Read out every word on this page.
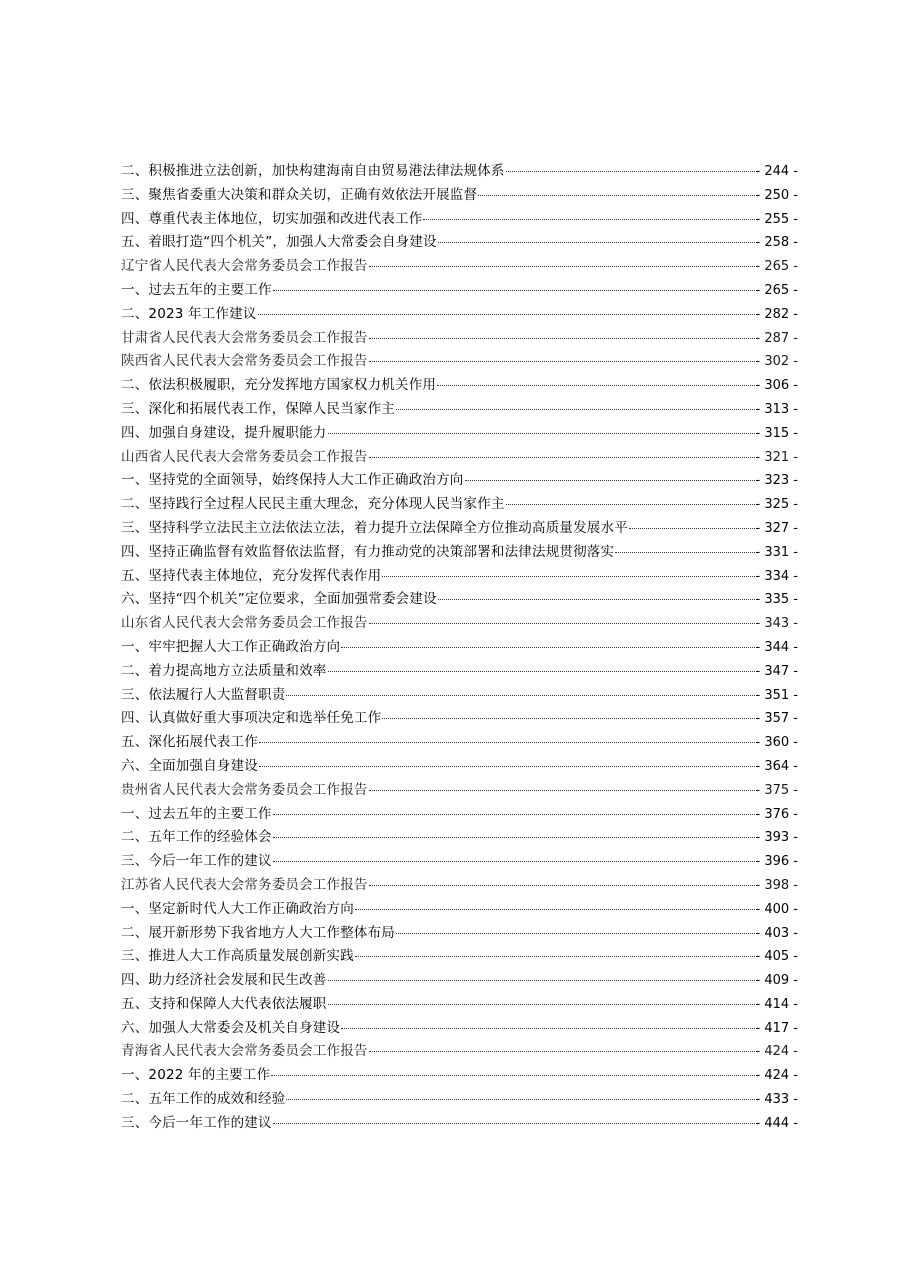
二、积极推进立法创新，加快构建海南自由贸易港法律法规体系	- 244 -
三、聚焦省委重大决策和群众关切，正确有效依法开展监督	- 250 -
四、尊重代表主体地位，切实加强和改进代表工作	- 255 -
五、着眼打造“四个机关”，加强人大常委会自身建设	- 258 -
辽宁省人民代表大会常务委员会工作报告	- 265 -
一、过去五年的主要工作	- 265 -
二、2023 年工作建议	- 282 -
甘肃省人民代表大会常务委员会工作报告	- 287 -
陕西省人民代表大会常务委员会工作报告	- 302 -
二、依法积极履职，充分发挥地方国家权力机关作用	- 306 -
三、深化和拓展代表工作，保障人民当家作主	- 313 -
四、加强自身建设，提升履职能力	- 315 -
山西省人民代表大会常务委员会工作报告	- 321 -
一、坚持党的全面领导，始终保持人大工作正确政治方向	- 323 -
二、坚持践行全过程人民民主重大理念，充分体现人民当家作主	- 325 -
三、坚持科学立法民主立法依法立法，着力提升立法保障全方位推动高质量发展水平	- 327 -
四、坚持正确监督有效监督依法监督，有力推动党的决策部署和法律法规贯彻落实	- 331 -
五、坚持代表主体地位，充分发挥代表作用	- 334 -
六、坚持“四个机关”定位要求，全面加强常委会建设	- 335 -
山东省人民代表大会常务委员会工作报告	- 343 -
一、牢牢把握人大工作正确政治方向	- 344 -
二、着力提高地方立法质量和效率	- 347 -
三、依法履行人大监督职责	- 351 -
四、认真做好重大事项决定和选举任免工作	- 357 -
五、深化拓展代表工作	- 360 -
六、全面加强自身建设	- 364 -
贵州省人民代表大会常务委员会工作报告	- 375 -
一、过去五年的主要工作	- 376 -
二、五年工作的经验体会	- 393 -
三、今后一年工作的建议	- 396 -
江苏省人民代表大会常务委员会工作报告	- 398 -
一、坚定新时代人大工作正确政治方向	- 400 -
二、展开新形势下我省地方人大工作整体布局	- 403 -
三、推进人大工作高质量发展创新实践	- 405 -
四、助力经济社会发展和民生改善	- 409 -
五、支持和保障人大代表依法履职	- 414 -
六、加强人大常委会及机关自身建设	- 417 -
青海省人民代表大会常务委员会工作报告	- 424 -
一、2022 年的主要工作	- 424 -
二、五年工作的成效和经验	- 433 -
三、今后一年工作的建议	- 444 -
